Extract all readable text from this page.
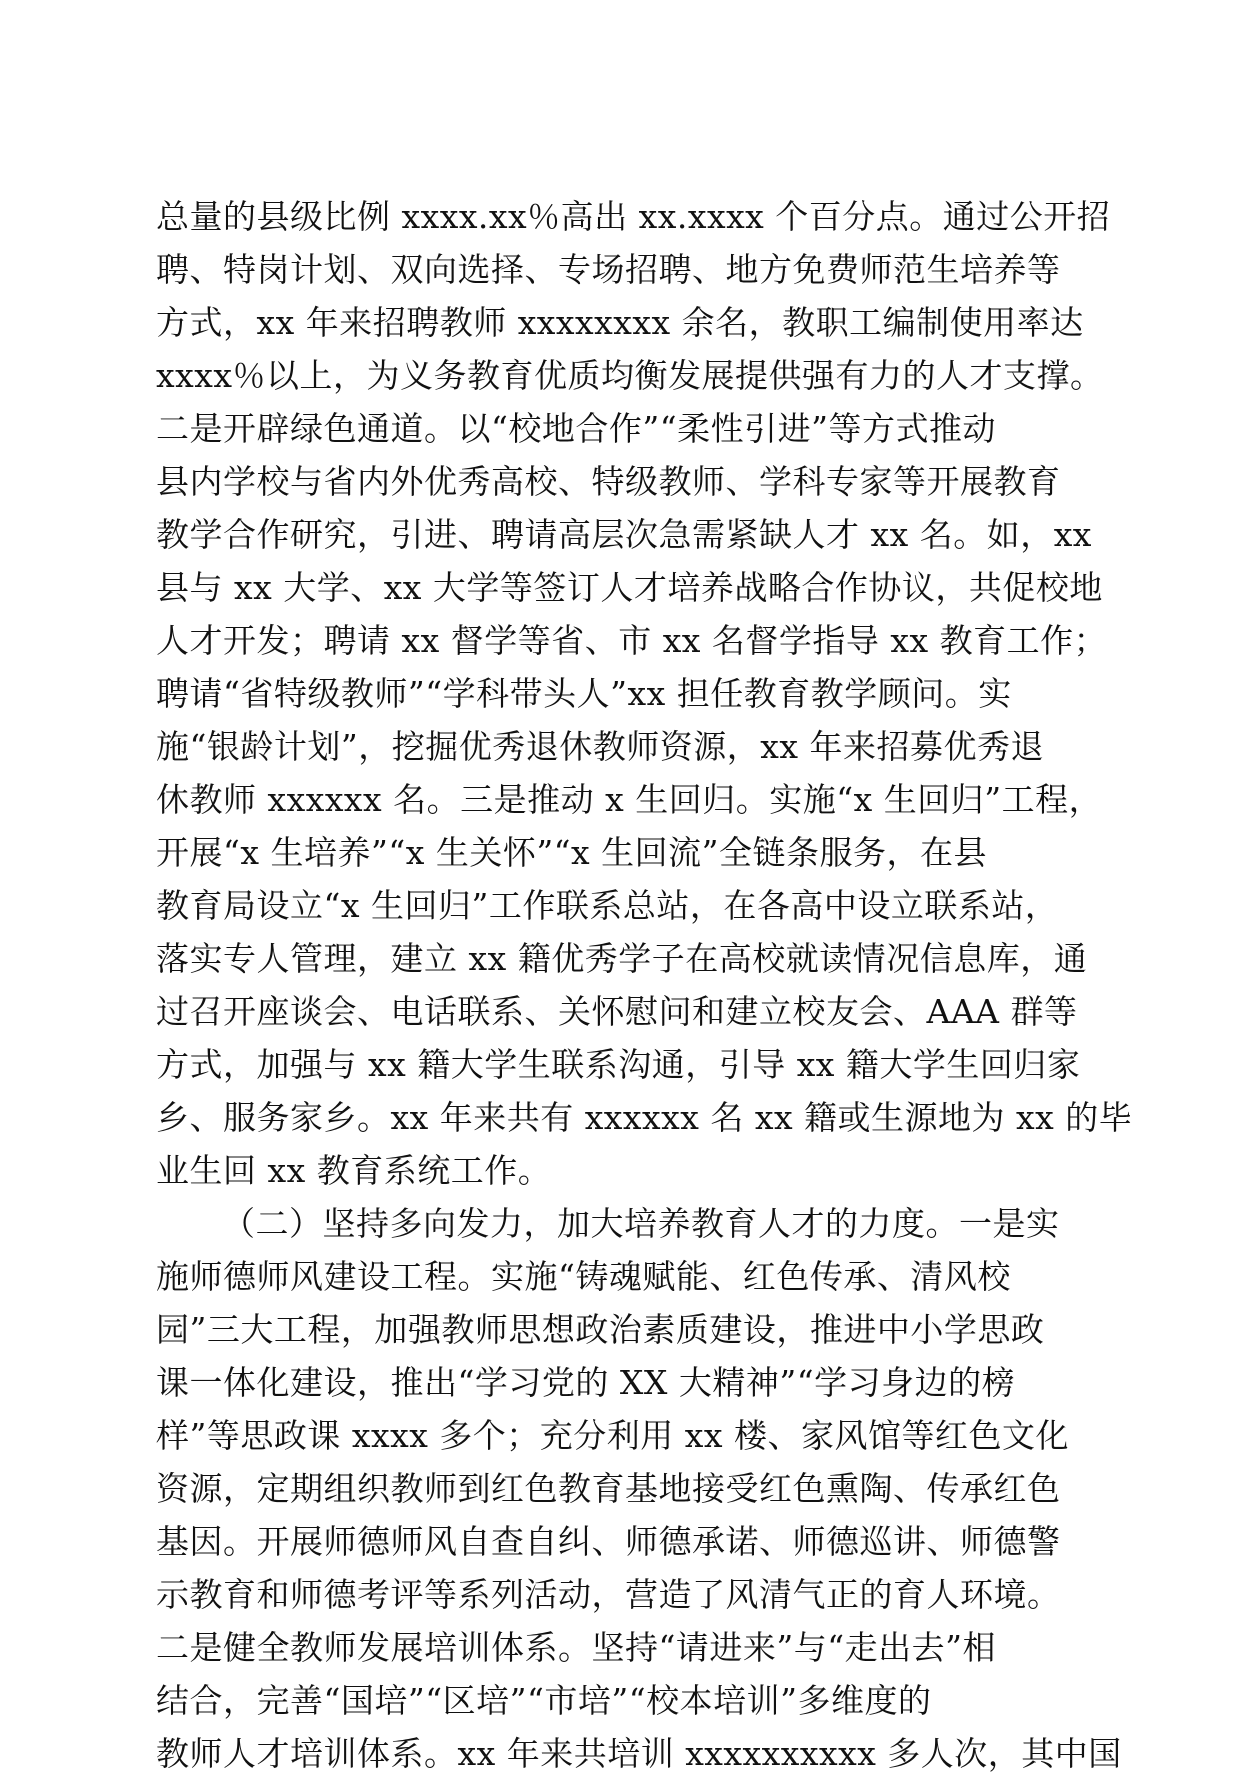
总量的县级比例 xxxx.xx％高出 xx.xxxx 个百分点。通过公开招
聘、特岗计划、双向选择、专场招聘、地方免费师范生培养等
方式，xx 年来招聘教师 xxxxxxxx 余名，教职工编制使用率达
xxxx％以上，为义务教育优质均衡发展提供强有力的人才支撑。
二是开辟绿色通道。以“校地合作”“柔性引进”等方式推动
县内学校与省内外优秀高校、特级教师、学科专家等开展教育
教学合作研究，引进、聘请高层次急需紧缺人才 xx 名。如，xx
县与 xx 大学、xx 大学等签订人才培养战略合作协议，共促校地
人才开发；聘请 xx 督学等省、市 xx 名督学指导 xx 教育工作；
聘请“省特级教师”“学科带头人”xx 担任教育教学顾问。实
施“银龄计划”，挖掘优秀退休教师资源，xx 年来招募优秀退
休教师 xxxxxx 名。三是推动 x 生回归。实施“x 生回归”工程，
开展“x 生培养”“x 生关怀”“x 生回流”全链条服务，在县
教育局设立“x 生回归”工作联系总站，在各高中设立联系站，
落实专人管理，建立 xx 籍优秀学子在高校就读情况信息库，通
过召开座谈会、电话联系、关怀慰问和建立校友会、AAA 群等
方式，加强与 xx 籍大学生联系沟通，引导 xx 籍大学生回归家
乡、服务家乡。xx 年来共有 xxxxxx 名 xx 籍或生源地为 xx 的毕
业生回 xx 教育系统工作。
（二）坚持多向发力，加大培养教育人才的力度。一是实
施师德师风建设工程。实施“铸魂赋能、红色传承、清风校
园”三大工程，加强教师思想政治素质建设，推进中小学思政
课一体化建设，推出“学习党的 XX 大精神”“学习身边的榜
样”等思政课 xxxx 多个；充分利用 xx 楼、家风馆等红色文化
资源，定期组织教师到红色教育基地接受红色熏陶、传承红色
基因。开展师德师风自查自纠、师德承诺、师德巡讲、师德警
示教育和师德考评等系列活动，营造了风清气正的育人环境。
二是健全教师发展培训体系。坚持“请进来”与“走出去”相
结合，完善“国培”“区培”“市培”“校本培训”多维度的
教师人才培训体系。xx 年来共培训 xxxxxxxxxx 多人次，其中国
